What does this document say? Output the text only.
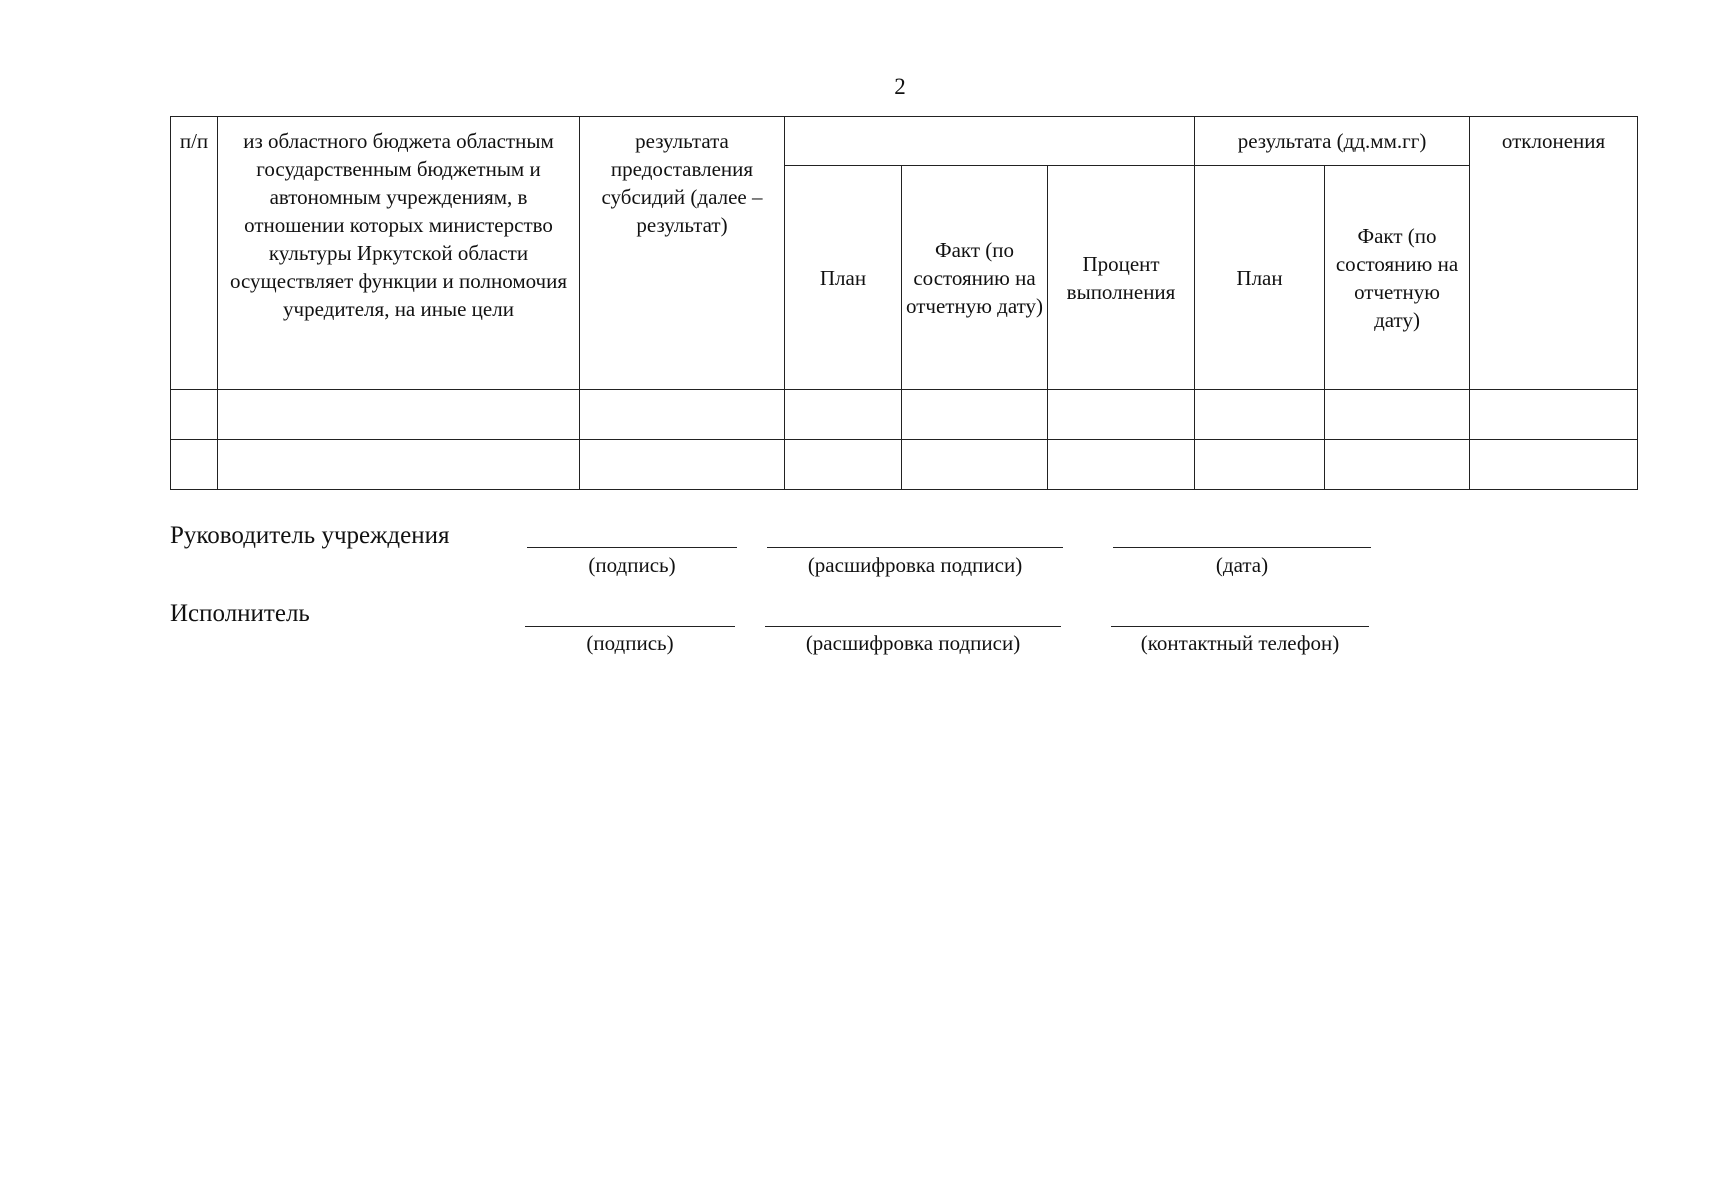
2
п/п	из областного бюджета областным государственным бюджетным и автономным учреждениям, в отношении которых министерство культуры Иркутской области осуществляет функции и полномочия учредителя, на иные цели	результата предоставления субсидий (далее – результат)				результата (дд.мм.гг)		отклонения
			План	Факт (по состоянию на отчетную дату)	Процент выполнения	План	Факт (по состоянию на отчетную дату)	

Руководитель учреждения
(подпись)	(расшифровка подписи)	(дата)
Исполнитель
(подпись)	(расшифровка подписи)	(контактный телефон)
